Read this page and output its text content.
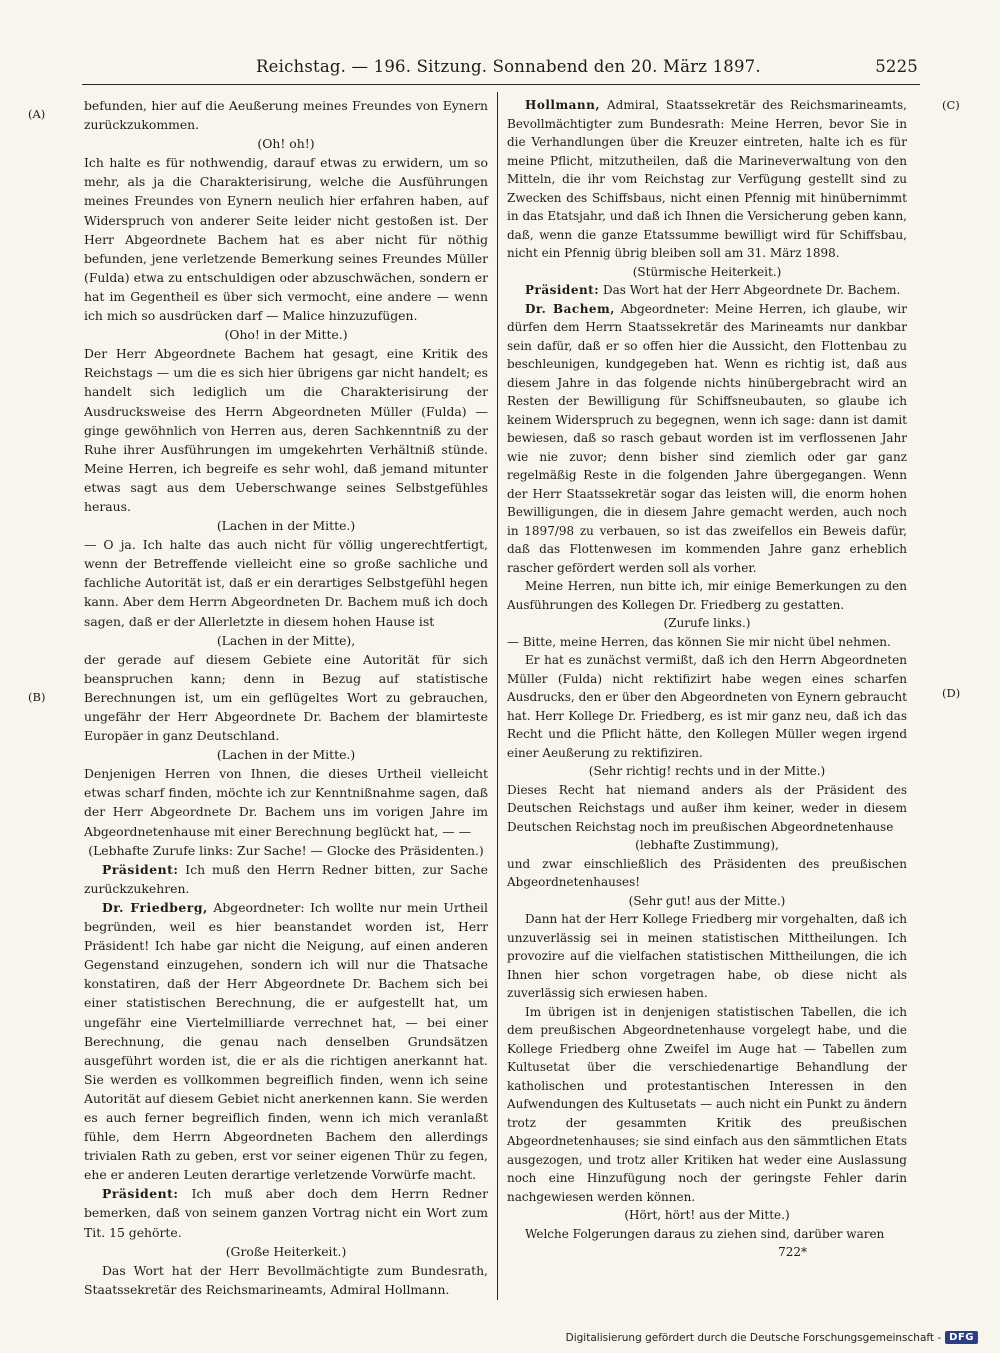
Reichstag. — 196. Sitzung. Sonnabend den 20. März 1897.	5225
(A)
(B)
(C)
(D)

befunden, hier auf die Aeußerung meines Freundes von Eynern zurückzukommen.

(Oh! oh!)

Ich halte es für nothwendig, darauf etwas zu erwidern, um so mehr, als ja die Charakterisirung, welche die Ausführungen meines Freundes von Eynern neulich hier erfahren haben, auf Widerspruch von anderer Seite leider nicht gestoßen ist. Der Herr Abgeordnete Bachem hat es aber nicht für nöthig befunden, jene verletzende Bemerkung seines Freundes Müller (Fulda) etwa zu entschuldigen oder abzuschwächen, sondern er hat im Gegentheil es über sich vermocht, eine andere — wenn ich mich so ausdrücken darf — Malice hinzuzufügen.

(Oho! in der Mitte.)

Der Herr Abgeordnete Bachem hat gesagt, eine Kritik des Reichstags — um die es sich hier übrigens gar nicht handelt; es handelt sich lediglich um die Charakterisirung der Ausdrucksweise des Herrn Abgeordneten Müller (Fulda) — ginge gewöhnlich von Herren aus, deren Sachkenntniß zu der Ruhe ihrer Ausführungen im umgekehrten Verhältniß stünde. Meine Herren, ich begreife es sehr wohl, daß jemand mitunter etwas sagt aus dem Ueberschwange seines Selbstgefühles heraus.

(Lachen in der Mitte.)

— O ja. Ich halte das auch nicht für völlig ungerechtfertigt, wenn der Betreffende vielleicht eine so große sachliche und fachliche Autorität ist, daß er ein derartiges Selbstgefühl hegen kann. Aber dem Herrn Abgeordneten Dr. Bachem muß ich doch sagen, daß er der Allerletzte in diesem hohen Hause ist

(Lachen in der Mitte),

der gerade auf diesem Gebiete eine Autorität für sich beanspruchen kann; denn in Bezug auf statistische Berechnungen ist, um ein geflügeltes Wort zu gebrauchen, ungefähr der Herr Abgeordnete Dr. Bachem der blamirteste Europäer in ganz Deutschland.

(Lachen in der Mitte.)

Denjenigen Herren von Ihnen, die dieses Urtheil vielleicht etwas scharf finden, möchte ich zur Kenntnißnahme sagen, daß der Herr Abgeordnete Dr. Bachem uns im vorigen Jahre im Abgeordnetenhause mit einer Berechnung beglückt hat, — —

(Lebhafte Zurufe links: Zur Sache! — Glocke des Präsidenten.)

Präsident: Ich muß den Herrn Redner bitten, zur Sache zurückzukehren.

Dr. Friedberg, Abgeordneter: Ich wollte nur mein Urtheil begründen, weil es hier beanstandet worden ist, Herr Präsident! Ich habe gar nicht die Neigung, auf einen anderen Gegenstand einzugehen, sondern ich will nur die Thatsache konstatiren, daß der Herr Abgeordnete Dr. Bachem sich bei einer statistischen Berechnung, die er aufgestellt hat, um ungefähr eine Viertelmilliarde verrechnet hat, — bei einer Berechnung, die genau nach denselben Grundsätzen ausgeführt worden ist, die er als die richtigen anerkannt hat. Sie werden es vollkommen begreiflich finden, wenn ich seine Autorität auf diesem Gebiet nicht anerkennen kann. Sie werden es auch ferner begreiflich finden, wenn ich mich veranlaßt fühle, dem Herrn Abgeordneten Bachem den allerdings trivialen Rath zu geben, erst vor seiner eigenen Thür zu fegen, ehe er anderen Leuten derartige verletzende Vorwürfe macht.

Präsident: Ich muß aber doch dem Herrn Redner bemerken, daß von seinem ganzen Vortrag nicht ein Wort zum Tit. 15 gehörte.

(Große Heiterkeit.)

Das Wort hat der Herr Bevollmächtigte zum Bundesrath, Staatssekretär des Reichsmarineamts, Admiral Hollmann.

Hollmann, Admiral, Staatssekretär des Reichsmarineamts, Bevollmächtigter zum Bundesrath: Meine Herren, bevor Sie in die Verhandlungen über die Kreuzer eintreten, halte ich es für meine Pflicht, mitzutheilen, daß die Marineverwaltung von den Mitteln, die ihr vom Reichstag zur Verfügung gestellt sind zu Zwecken des Schiffsbaus, nicht einen Pfennig mit hinübernimmt in das Etatsjahr, und daß ich Ihnen die Versicherung geben kann, daß, wenn die ganze Etatssumme bewilligt wird für Schiffsbau, nicht ein Pfennig übrig bleiben soll am 31. März 1898.

(Stürmische Heiterkeit.)

Präsident: Das Wort hat der Herr Abgeordnete Dr. Bachem.

Dr. Bachem, Abgeordneter: Meine Herren, ich glaube, wir dürfen dem Herrn Staatssekretär des Marineamts nur dankbar sein dafür, daß er so offen hier die Aussicht, den Flottenbau zu beschleunigen, kundgegeben hat. Wenn es richtig ist, daß aus diesem Jahre in das folgende nichts hinübergebracht wird an Resten der Bewilligung für Schiffsneubauten, so glaube ich keinem Widerspruch zu begegnen, wenn ich sage: dann ist damit bewiesen, daß so rasch gebaut worden ist im verflossenen Jahr wie nie zuvor; denn bisher sind ziemlich oder gar ganz regelmäßig Reste in die folgenden Jahre übergegangen. Wenn der Herr Staatssekretär sogar das leisten will, die enorm hohen Bewilligungen, die in diesem Jahre gemacht werden, auch noch in 1897/98 zu verbauen, so ist das zweifellos ein Beweis dafür, daß das Flottenwesen im kommenden Jahre ganz erheblich rascher gefördert werden soll als vorher.

Meine Herren, nun bitte ich, mir einige Bemerkungen zu den Ausführungen des Kollegen Dr. Friedberg zu gestatten.

(Zurufe links.)

— Bitte, meine Herren, das können Sie mir nicht übel nehmen.

Er hat es zunächst vermißt, daß ich den Herrn Abgeordneten Müller (Fulda) nicht rektifizirt habe wegen eines scharfen Ausdrucks, den er über den Abgeordneten von Eynern gebraucht hat. Herr Kollege Dr. Friedberg, es ist mir ganz neu, daß ich das Recht und die Pflicht hätte, den Kollegen Müller wegen irgend einer Aeußerung zu rektifiziren.

(Sehr richtig! rechts und in der Mitte.)

Dieses Recht hat niemand anders als der Präsident des Deutschen Reichstags und außer ihm keiner, weder in diesem Deutschen Reichstag noch im preußischen Abgeordnetenhause

(lebhafte Zustimmung),

und zwar einschließlich des Präsidenten des preußischen Abgeordnetenhauses!

(Sehr gut! aus der Mitte.)

Dann hat der Herr Kollege Friedberg mir vorgehalten, daß ich unzuverlässig sei in meinen statistischen Mittheilungen. Ich provozire auf die vielfachen statistischen Mittheilungen, die ich Ihnen hier schon vorgetragen habe, ob diese nicht als zuverlässig sich erwiesen haben.

Im übrigen ist in denjenigen statistischen Tabellen, die ich dem preußischen Abgeordnetenhause vorgelegt habe, und die Kollege Friedberg ohne Zweifel im Auge hat — Tabellen zum Kultusetat über die verschiedenartige Behandlung der katholischen und protestantischen Interessen in den Aufwendungen des Kultusetats — auch nicht ein Punkt zu ändern trotz der gesammten Kritik des preußischen Abgeordnetenhauses; sie sind einfach aus den sämmtlichen Etats ausgezogen, und trotz aller Kritiken hat weder eine Auslassung noch eine Hinzufügung noch der geringste Fehler darin nachgewiesen werden können.

(Hört, hört! aus der Mitte.)

Welche Folgerungen daraus zu ziehen sind, darüber waren

722*

Digitalisierung gefördert durch die Deutsche Forschungsgemeinschaft - DFG
